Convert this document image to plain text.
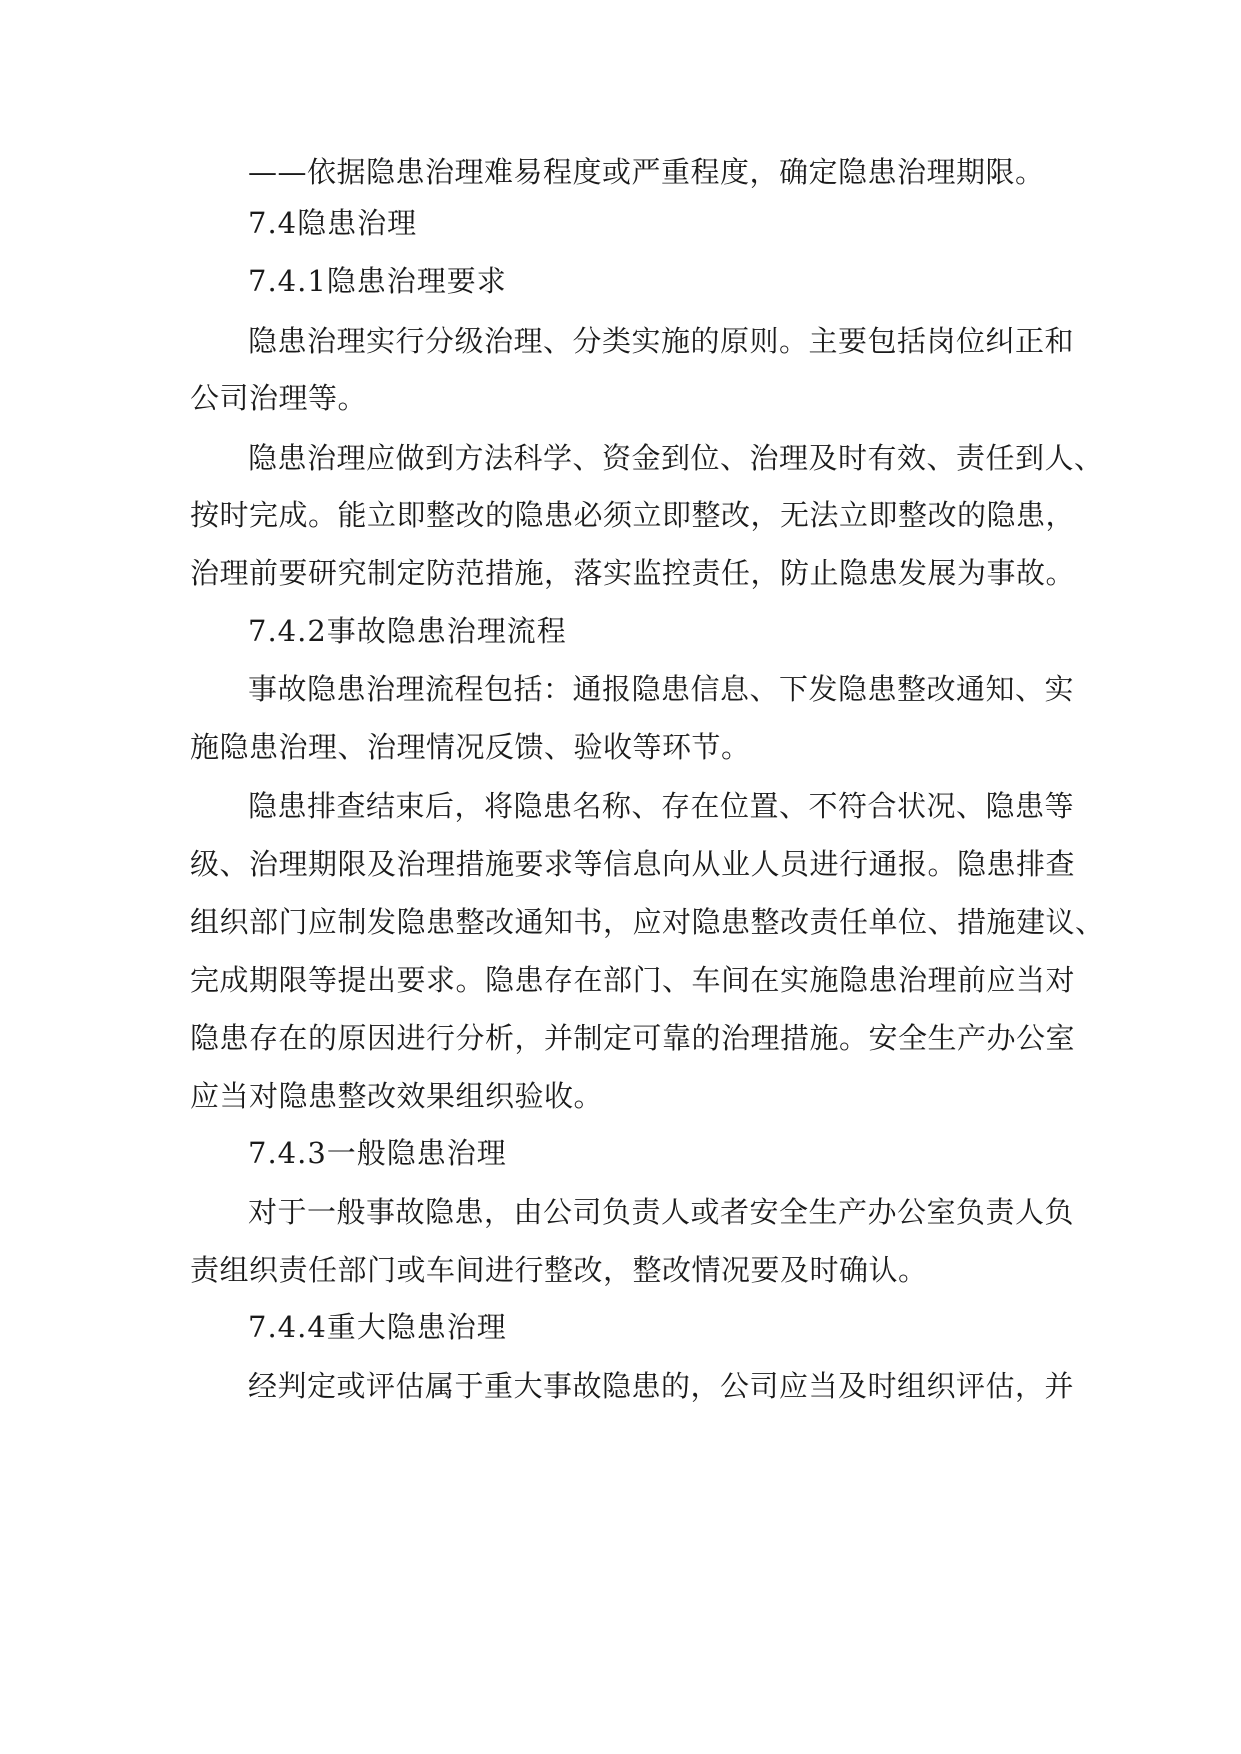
——依据隐患治理难易程度或严重程度，确定隐患治理期限。
7.4隐患治理
7.4.1隐患治理要求
隐患治理实行分级治理、分类实施的原则。主要包括岗位纠正和
公司治理等。
隐患治理应做到方法科学、资金到位、治理及时有效、责任到人、
按时完成。能立即整改的隐患必须立即整改，无法立即整改的隐患，
治理前要研究制定防范措施，落实监控责任，防止隐患发展为事故。
7.4.2事故隐患治理流程
事故隐患治理流程包括：通报隐患信息、下发隐患整改通知、实
施隐患治理、治理情况反馈、验收等环节。
隐患排查结束后，将隐患名称、存在位置、不符合状况、隐患等
级、治理期限及治理措施要求等信息向从业人员进行通报。隐患排查
组织部门应制发隐患整改通知书，应对隐患整改责任单位、措施建议、
完成期限等提出要求。隐患存在部门、车间在实施隐患治理前应当对
隐患存在的原因进行分析，并制定可靠的治理措施。安全生产办公室
应当对隐患整改效果组织验收。
7.4.3一般隐患治理
对于一般事故隐患，由公司负责人或者安全生产办公室负责人负
责组织责任部门或车间进行整改，整改情况要及时确认。
7.4.4重大隐患治理
经判定或评估属于重大事故隐患的，公司应当及时组织评估，并
